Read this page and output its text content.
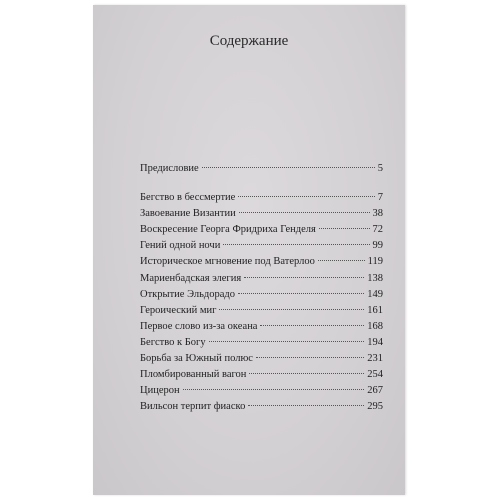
Содержание
Предисловие	5
Бегство в бессмертие	7
Завоевание Византии	38
Воскресение Георга Фридриха Генделя	72
Гений одной ночи	99
Историческое мгновение под Ватерлоо	119
Мариенбадская элегия	138
Открытие Эльдорадо	149
Героический миг	161
Первое слово из-за океана	168
Бегство к Богу	194
Борьба за Южный полюс	231
Пломбированный вагон	254
Цицерон	267
Вильсон терпит фиаско	295
